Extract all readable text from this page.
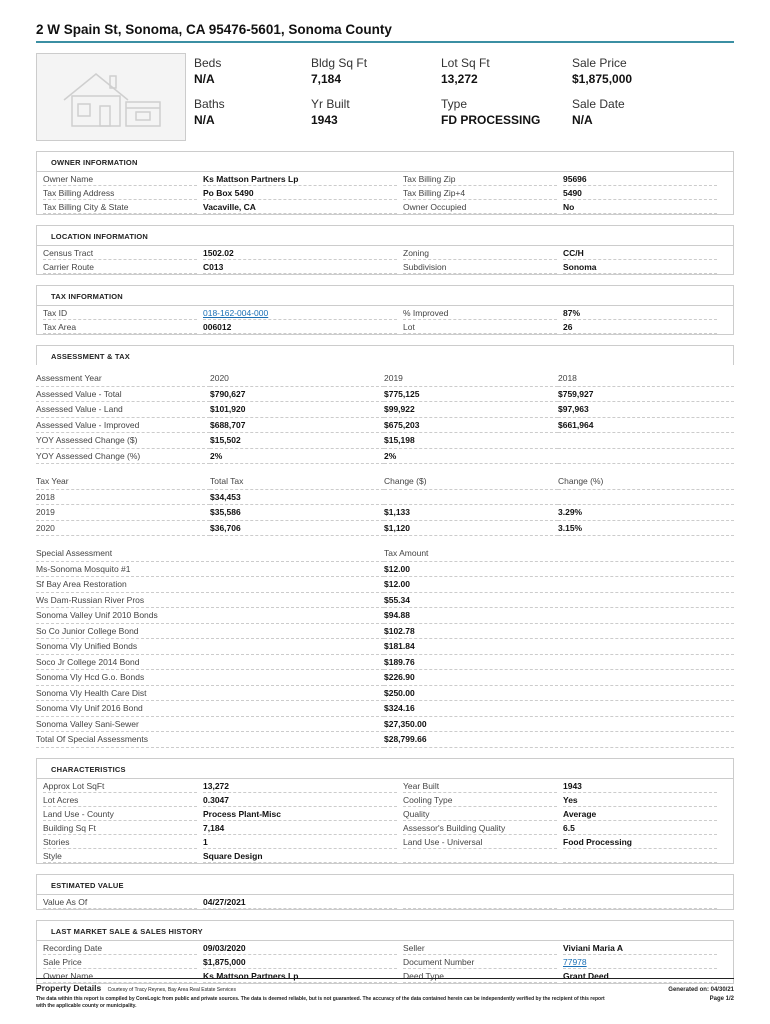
2 W Spain St, Sonoma, CA 95476-5601, Sonoma County
Beds
N/A
Bldg Sq Ft
7,184
Lot Sq Ft
13,272
Sale Price
$1,875,000
Baths
N/A
Yr Built
1943
Type
FD PROCESSING
Sale Date
N/A
OWNER INFORMATION
Owner Name	Ks Mattson Partners Lp	Tax Billing Zip	95696
Tax Billing Address	Po Box 5490	Tax Billing Zip+4	5490
Tax Billing City & State	Vacaville, CA	Owner Occupied	No
LOCATION INFORMATION
Census Tract	1502.02	Zoning	CC/H
Carrier Route	C013	Subdivision	Sonoma
TAX INFORMATION
Tax ID	018-162-004-000	% Improved	87%
Tax Area	006012	Lot	26
ASSESSMENT & TAX
Assessment Year	2020	2019	2018
Assessed Value - Total	$790,627	$775,125	$759,927
Assessed Value - Land	$101,920	$99,922	$97,963
Assessed Value - Improved	$688,707	$675,203	$661,964
YOY Assessed Change ($)	$15,502	$15,198
YOY Assessed Change (%)	2%	2%
Tax Year	Total Tax	Change ($)	Change (%)
2018	$34,453
2019	$35,586	$1,133	3.29%
2020	$36,706	$1,120	3.15%
Special Assessment	Tax Amount
Ms-Sonoma Mosquito #1	$12.00
Sf Bay Area Restoration	$12.00
Ws Dam-Russian River Pros	$55.34
Sonoma Valley Unif 2010 Bonds	$94.88
So Co Junior College Bond	$102.78
Sonoma Vly Unified Bonds	$181.84
Soco Jr College 2014 Bond	$189.76
Sonoma Vly Hcd G.o. Bonds	$226.90
Sonoma Vly Health Care Dist	$250.00
Sonoma Vly Unif 2016 Bond	$324.16
Sonoma Valley Sani-Sewer	$27,350.00
Total Of Special Assessments	$28,799.66
CHARACTERISTICS
Approx Lot SqFt	13,272	Year Built	1943
Lot Acres	0.3047	Cooling Type	Yes
Land Use - County	Process Plant-Misc	Quality	Average
Building Sq Ft	7,184	Assessor's Building Quality	6.5
Stories	1	Land Use - Universal	Food Processing
Style	Square Design
ESTIMATED VALUE
Value As Of	04/27/2021
LAST MARKET SALE & SALES HISTORY
Recording Date	09/03/2020	Seller	Viviani Maria A
Sale Price	$1,875,000	Document Number	77978
Owner Name	Ks Mattson Partners Lp	Deed Type	Grant Deed
Property Details Courtesy of Tracy Reynes, Bay Area Real Estate Services	Generated on: 04/30/21
The data within this report is compiled by CoreLogic from public and private sources. The data is deemed reliable, but is not guaranteed. The accuracy of the data contained herein can be independently verified by the recipient of this report with the applicable county or municipality.
Page 1/2
